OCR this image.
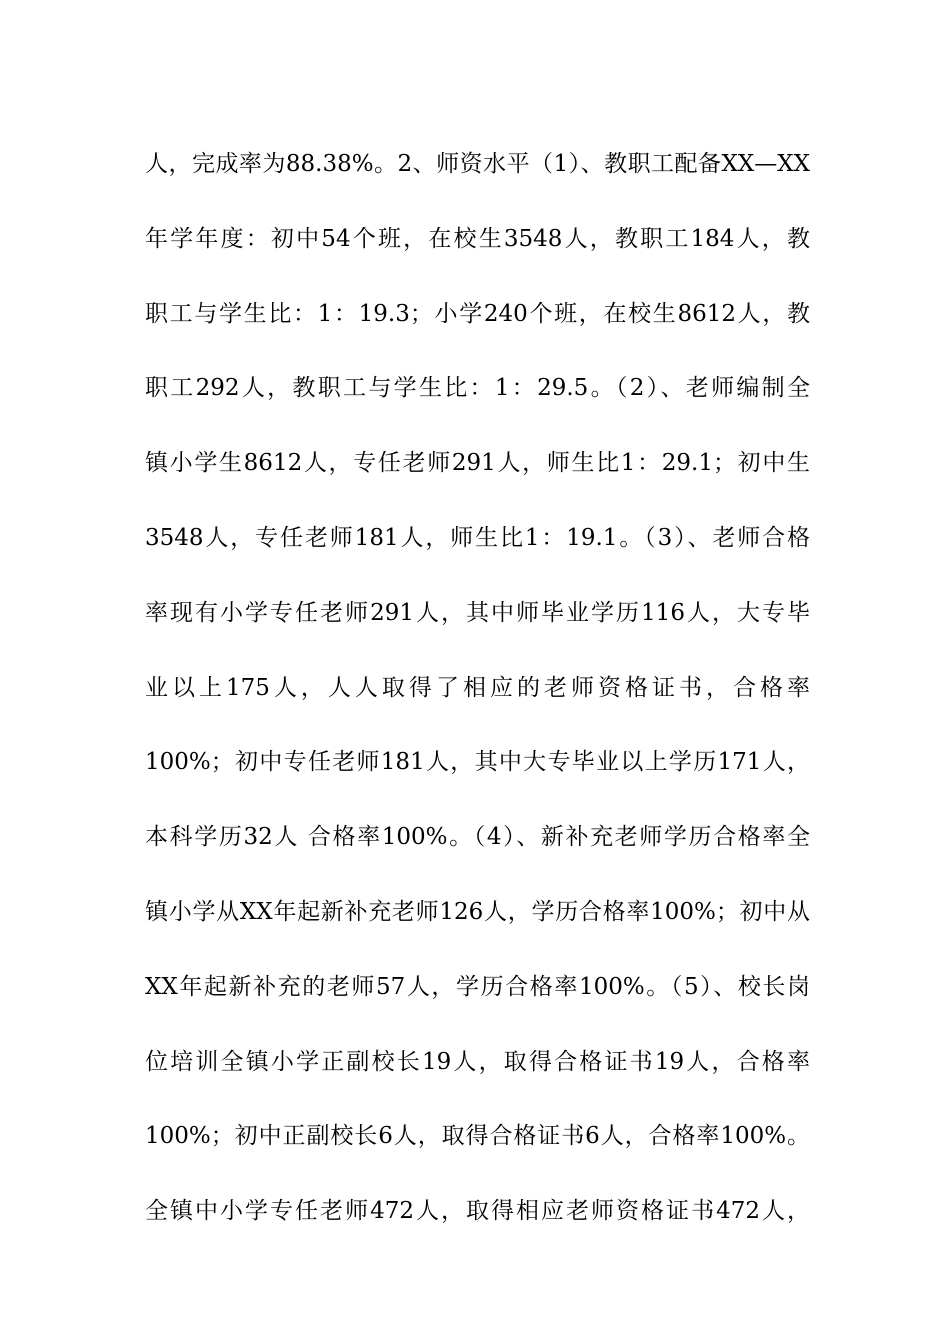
人，完成率为88.38%。2、师资水平（1）、教职工配备XX—XX
年学年度：初中54个班，在校生3548人，教职工184人，教
职工与学生比：1：19.3；小学240个班，在校生8612人，教
职工292人，教职工与学生比：1：29.5。（2）、老师编制全
镇小学生8612人，专任老师291人，师生比1：29.1；初中生
3548人，专任老师181人，师生比1：19.1。（3）、老师合格
率现有小学专任老师291人，其中师毕业学历116人，大专毕
业以上175人，人人取得了相应的老师资格证书，合格率
100%；初中专任老师181人，其中大专毕业以上学历171人，
本科学历32人 合格率100%。（4）、新补充老师学历合格率全
镇小学从XX年起新补充老师126人，学历合格率100%；初中从
XX年起新补充的老师57人，学历合格率100%。（5）、校长岗
位培训全镇小学正副校长19人，取得合格证书19人，合格率
100%；初中正副校长6人，取得合格证书6人，合格率100%。
全镇中小学专任老师472人，取得相应老师资格证书472人，
